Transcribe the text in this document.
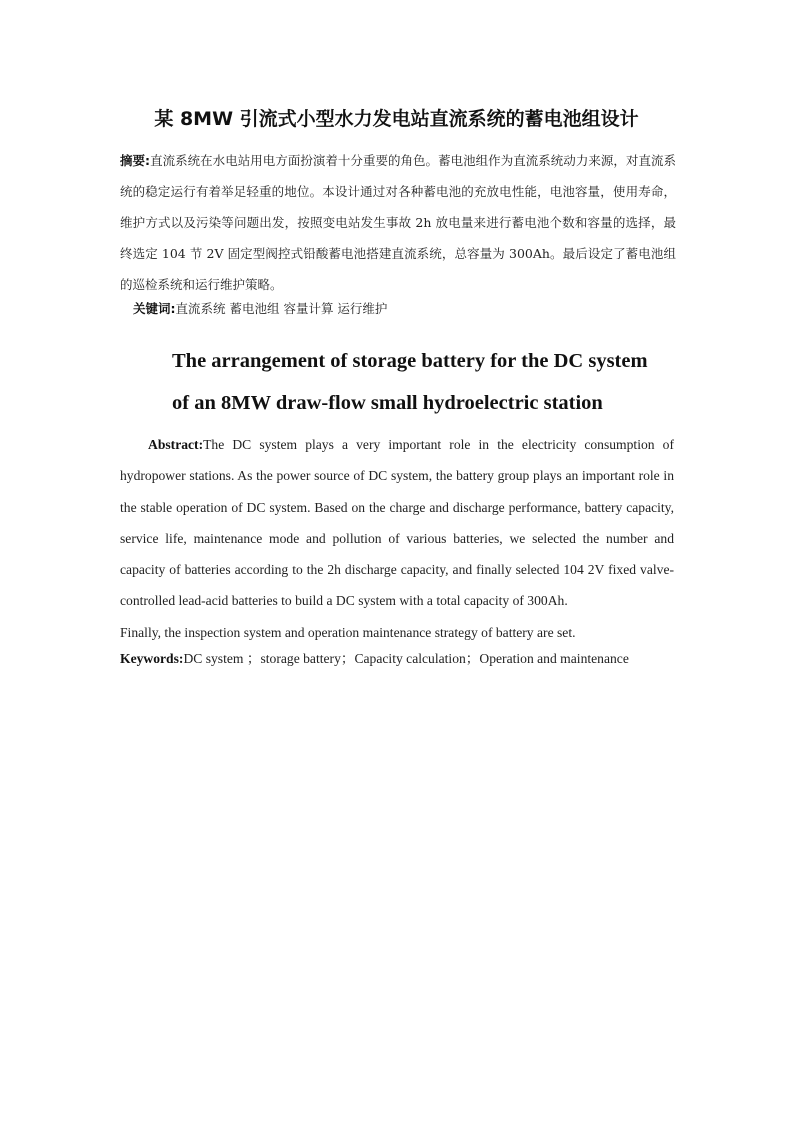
某 8MW 引流式小型水力发电站直流系统的蓄电池组设计

摘要:直流系统在水电站用电方面扮演着十分重要的角色。蓄电池组作为直流系统动力来源，对直流系统的稳定运行有着举足轻重的地位。本设计通过对各种蓄电池的充放电性能，电池容量，使用寿命，维护方式以及污染等问题出发，按照变电站发生事故 2h 放电量来进行蓄电池个数和容量的选择，最终选定 104 节 2V 固定型阀控式铅酸蓄电池搭建直流系统，总容量为 300Ah。最后设定了蓄电池组的巡检系统和运行维护策略。

关键词:直流系统 蓄电池组 容量计算 运行维护

The arrangement of storage battery for the DC system
of an 8MW draw-flow small hydroelectric station

Abstract:The DC system plays a very important role in the electricity consumption of hydropower stations. As the power source of DC system, the battery group plays an important role in the stable operation of DC system. Based on the charge and discharge performance, battery capacity, service life, maintenance mode and pollution of various batteries, we selected the number and capacity of batteries according to the 2h discharge capacity, and finally selected 104 2V fixed valve-controlled lead-acid batteries to build a DC system with a total capacity of 300Ah.

Finally, the inspection system and operation maintenance strategy of battery are set.

Keywords:DC system ；storage battery；Capacity calculation；Operation and maintenance
